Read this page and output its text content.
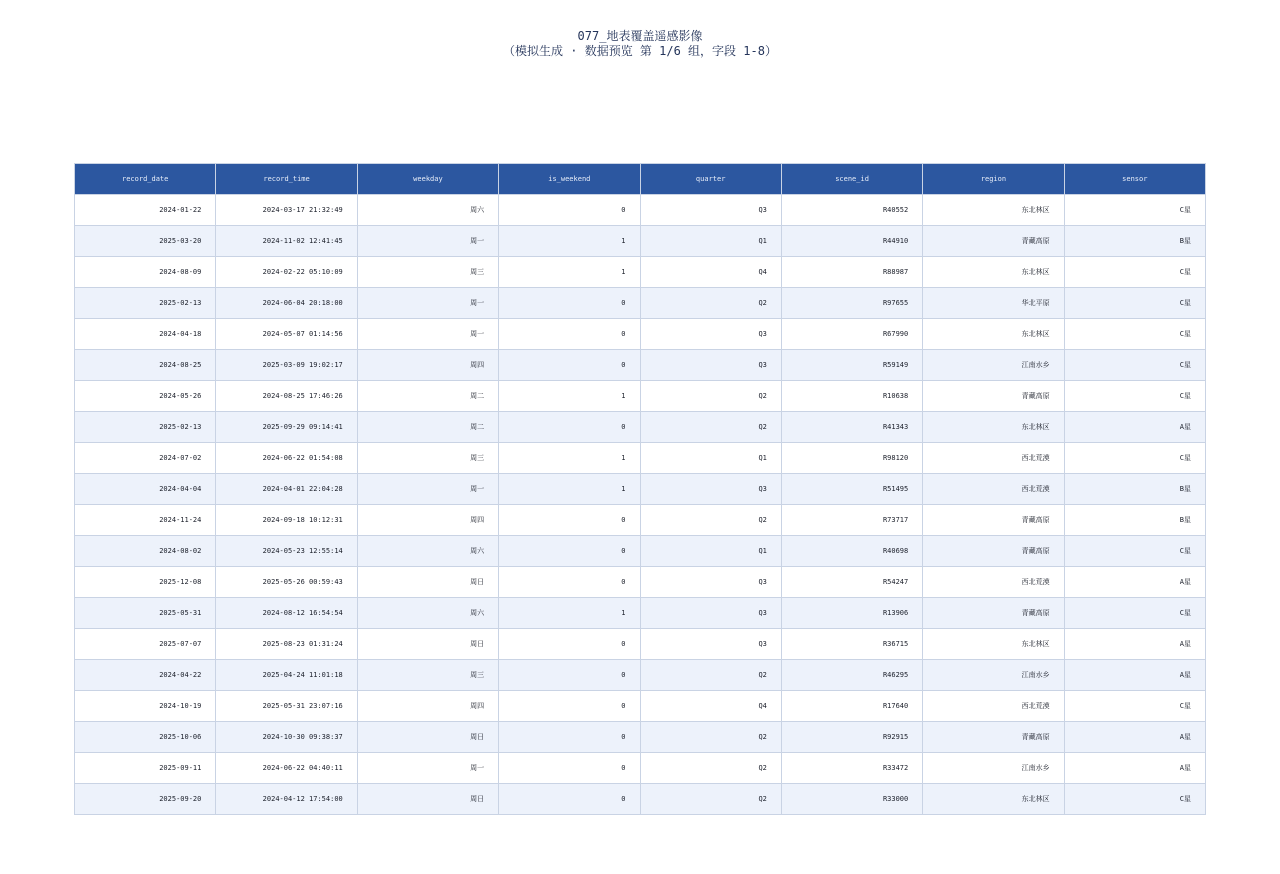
077_地表覆盖遥感影像
（模拟生成 · 数据预览 第 1/6 组，字段 1-8）
record_date	record_time	weekday	is_weekend	quarter	scene_id	region	sensor
2024-01-22	2024-03-17 21:32:49	周六	0	Q3	R40552	东北林区	C星
2025-03-20	2024-11-02 12:41:45	周一	1	Q1	R44910	青藏高原	B星
2024-08-09	2024-02-22 05:10:09	周三	1	Q4	R88987	东北林区	C星
2025-02-13	2024-06-04 20:18:00	周一	0	Q2	R97655	华北平原	C星
2024-04-18	2024-05-07 01:14:56	周一	0	Q3	R67990	东北林区	C星
2024-08-25	2025-03-09 19:02:17	周四	0	Q3	R59149	江南水乡	C星
2024-05-26	2024-08-25 17:46:26	周二	1	Q2	R10638	青藏高原	C星
2025-02-13	2025-09-29 09:14:41	周二	0	Q2	R41343	东北林区	A星
2024-07-02	2024-06-22 01:54:08	周三	1	Q1	R98120	西北荒漠	C星
2024-04-04	2024-04-01 22:04:28	周一	1	Q3	R51495	西北荒漠	B星
2024-11-24	2024-09-18 10:12:31	周四	0	Q2	R73717	青藏高原	B星
2024-08-02	2024-05-23 12:55:14	周六	0	Q1	R40698	青藏高原	C星
2025-12-08	2025-05-26 00:59:43	周日	0	Q3	R54247	西北荒漠	A星
2025-05-31	2024-08-12 16:54:54	周六	1	Q3	R13906	青藏高原	C星
2025-07-07	2025-08-23 01:31:24	周日	0	Q3	R36715	东北林区	A星
2024-04-22	2025-04-24 11:01:18	周三	0	Q2	R46295	江南水乡	A星
2024-10-19	2025-05-31 23:07:16	周四	0	Q4	R17640	西北荒漠	C星
2025-10-06	2024-10-30 09:38:37	周日	0	Q2	R92915	青藏高原	A星
2025-09-11	2024-06-22 04:40:11	周一	0	Q2	R33472	江南水乡	A星
2025-09-20	2024-04-12 17:54:00	周日	0	Q2	R33000	东北林区	C星
